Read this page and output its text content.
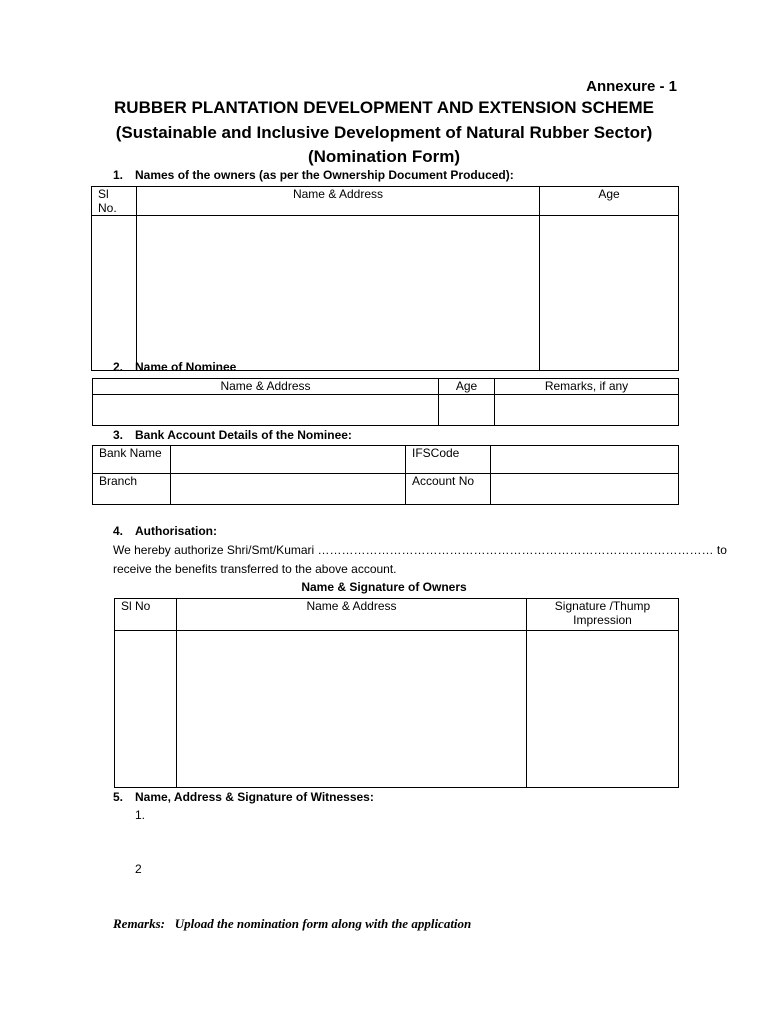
Annexure - 1
RUBBER PLANTATION DEVELOPMENT AND EXTENSION SCHEME
(Sustainable and Inclusive Development of Natural Rubber Sector)
(Nomination Form)
1. Names of the owners (as per the Ownership Document Produced):
Sl No.	Name & Address	Age

2. Name of Nominee
Name & Address	Age	Remarks, if any

3. Bank Account Details of the Nominee:
Bank Name		IFSCode	
Branch		Account No	
4. Authorisation:
We hereby authorize Shri/Smt/Kumari ……………………………………………………………………………………… to
receive the benefits transferred to the above account.
Name & Signature of Owners
Sl No	Name & Address	Signature /Thump
Impression

5. Name, Address & Signature of Witnesses:
1.
2
Remarks: Upload the nomination form along with the application
